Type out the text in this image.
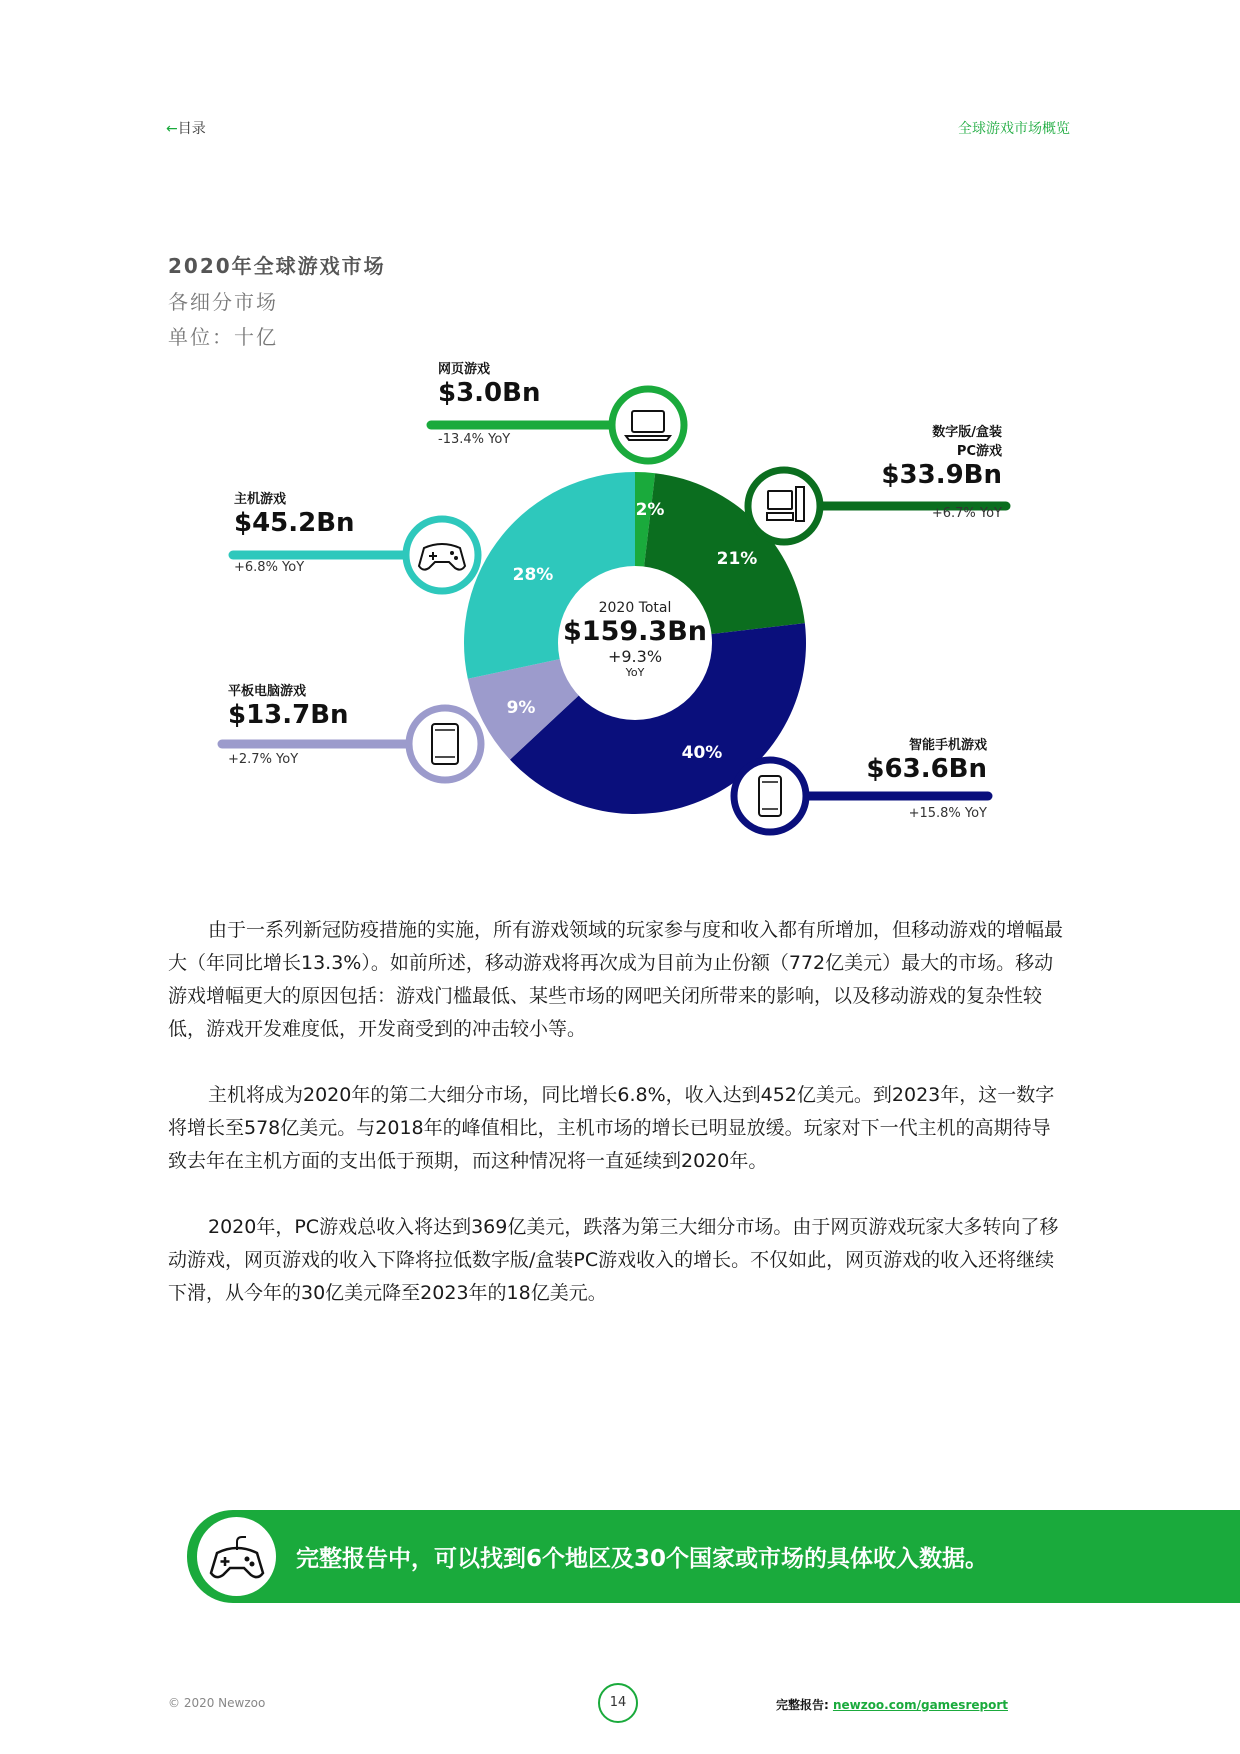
←目录	全球游戏市场概览
2020年全球游戏市场
各细分市场
单位：十亿
2%
21%
40%
9%
28%
2020 Total
$159.3Bn
+9.3%
YoY
网页游戏
$3.0Bn
-13.4% YoY	数字版/盒装
PC游戏
$33.9Bn
+6.7% YoY
主机游戏
$45.2Bn
+6.8% YoY
平板电脑游戏
$13.7Bn
+2.7% YoY
智能手机游戏
$63.6Bn
+15.8% YoY

由于一系列新冠防疫措施的实施，所有游戏领域的玩家参与度和收入都有所增加，但移动游戏的增幅最大（年同比增长13.3%）。如前所述，移动游戏将再次成为目前为止份额（772亿美元）最大的市场。移动游戏增幅更大的原因包括：游戏门槛最低、某些市场的网吧关闭所带来的影响，以及移动游戏的复杂性较低，游戏开发难度低，开发商受到的冲击较小等。

主机将成为2020年的第二大细分市场，同比增长6.8%，收入达到452亿美元。到2023年，这一数字将增长至578亿美元。与2018年的峰值相比，主机市场的增长已明显放缓。玩家对下一代主机的高期待导致去年在主机方面的支出低于预期，而这种情况将一直延续到2020年。

2020年，PC游戏总收入将达到369亿美元，跌落为第三大细分市场。由于网页游戏玩家大多转向了移动游戏，网页游戏的收入下降将拉低数字版/盒装PC游戏收入的增长。不仅如此，网页游戏的收入还将继续下滑，从今年的30亿美元降至2023年的18亿美元。

完整报告中，可以找到6个地区及30个国家或市场的具体收入数据。
© 2020 Newzoo	14	完整报告: newzoo.com/gamesreport
